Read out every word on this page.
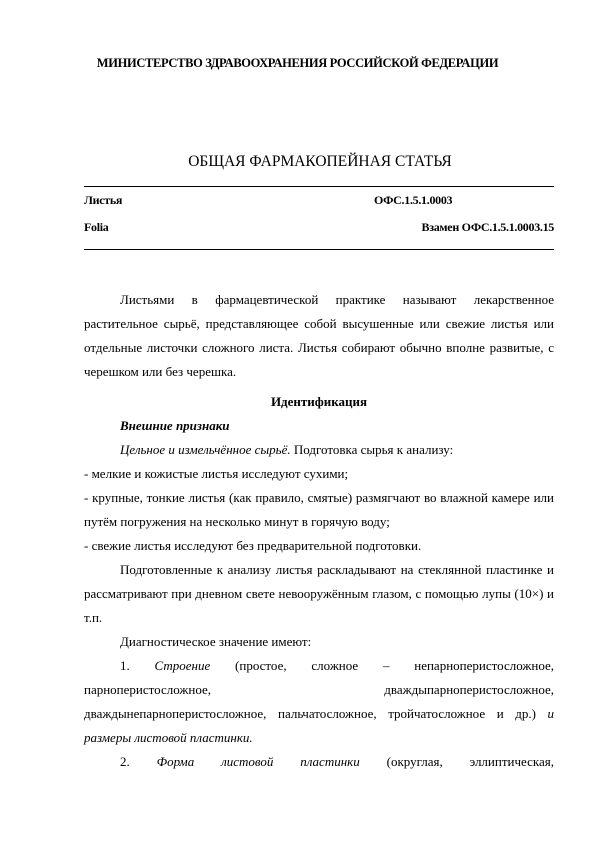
МИНИСТЕРСТВО ЗДРАВООХРАНЕНИЯ РОССИЙСКОЙ ФЕДЕРАЦИИ
ОБЩАЯ ФАРМАКОПЕЙНАЯ СТАТЬЯ
Листья	ОФС.1.5.1.0003
Folia	Взамен ОФС.1.5.1.0003.15

Листьями в фармацевтической практике называют лекарственное растительное сырьё, представляющее собой высушенные или свежие листья или отдельные листочки сложного листа. Листья собирают обычно вполне развитые, с черешком или без черешка.

Идентификация

Внешние признаки

Цельное и измельчённое сырьё. Подготовка сырья к анализу:

- мелкие и кожистые листья исследуют сухими;

- крупные, тонкие листья (как правило, смятые) размягчают во влажной камере или путём погружения на несколько минут в горячую воду;

- свежие листья исследуют без предварительной подготовки.

Подготовленные к анализу листья раскладывают на стеклянной пластинке и рассматривают при дневном свете невооружённым глазом, с помощью лупы (10×) и т.п.

Диагностическое значение имеют:

1. Строение (простое, сложное – непарноперистосложное, парноперистосложное, дваждыпарноперистосложное, дваждынепарноперистосложное, пальчатосложное, тройчатосложное и др.) и размеры листовой пластинки.

2. Форма листовой пластинки (округлая, эллиптическая,
